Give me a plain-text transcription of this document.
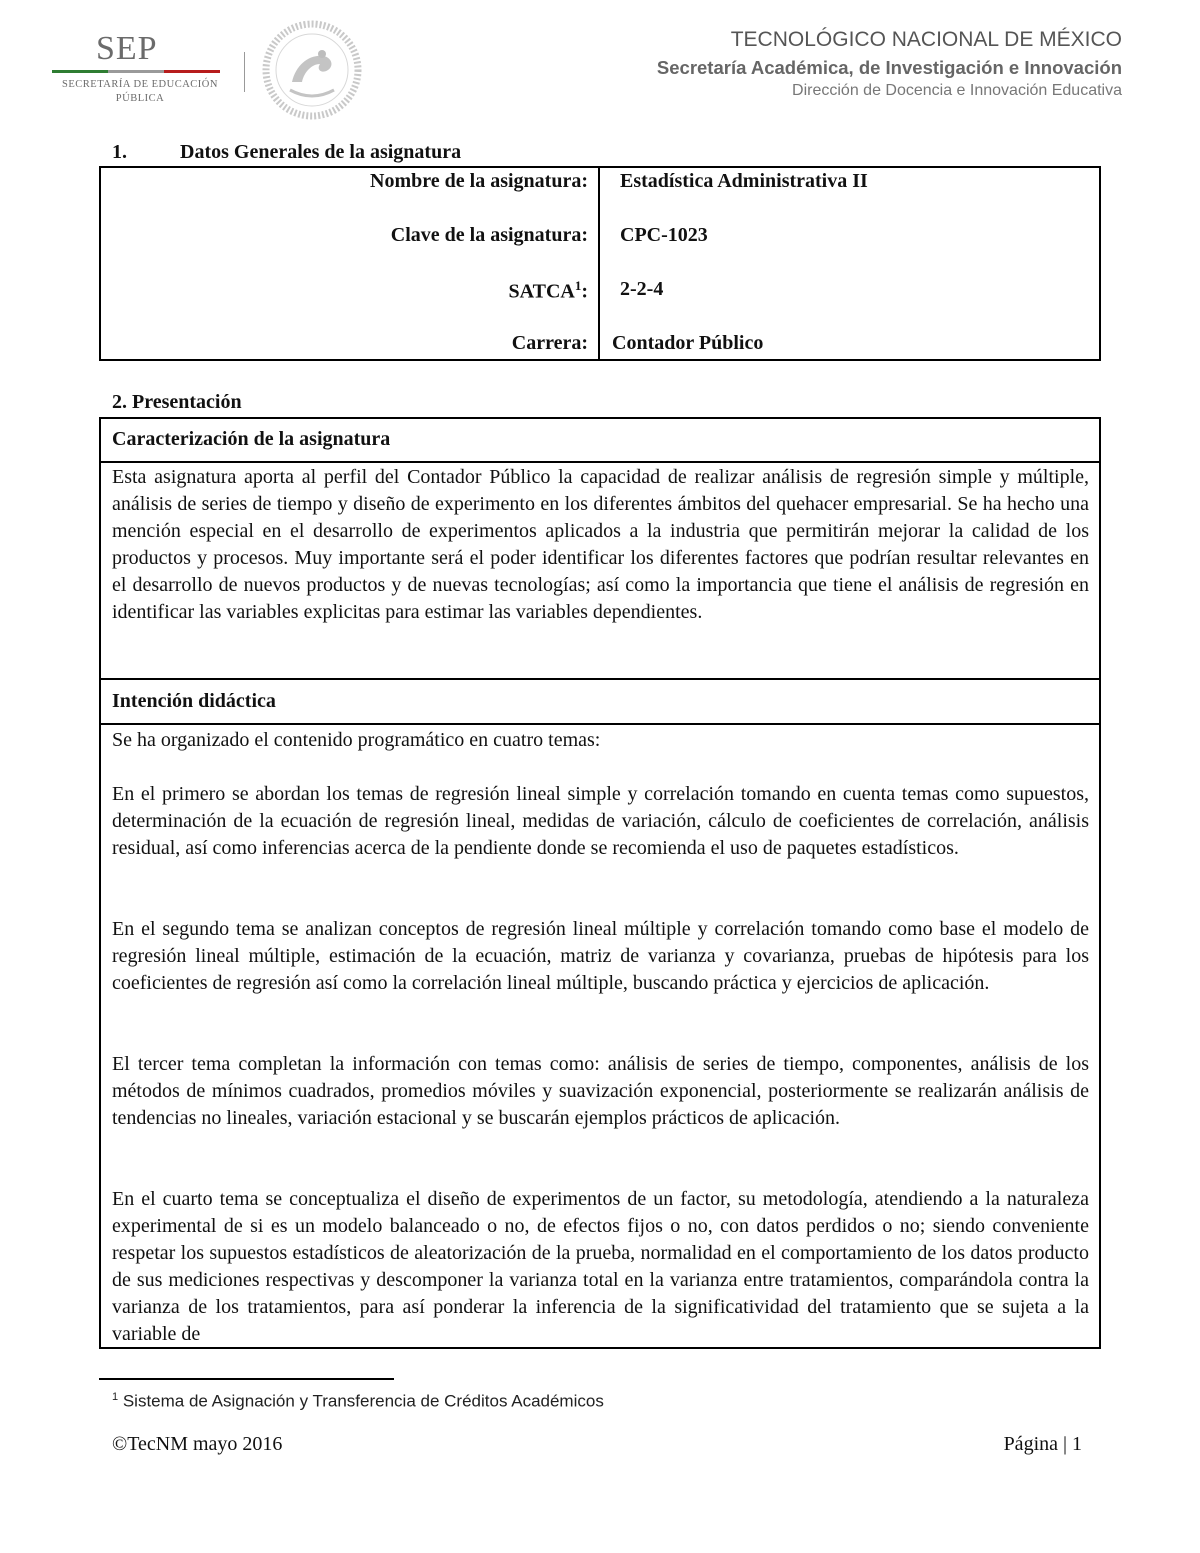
SEP
SECRETARÍA DE EDUCACIÓN PÚBLICA
TECNOLÓGICO NACIONAL DE MÉXICO
Secretaría Académica, de Investigación e Innovación
Dirección de Docencia e Innovación Educativa
1.	Datos Generales de la asignatura
Nombre de la asignatura: Estadística Administrativa II
Clave de la asignatura: CPC-1023
SATCA$^1$: 2-2-4
Carrera: Contador Público
2. Presentación
Caracterización de la asignatura
Esta asignatura aporta al perfil del Contador Público la capacidad de realizar análisis de regresión simple y múltiple, análisis de series de tiempo y diseño de experimento en los diferentes ámbitos del quehacer empresarial. Se ha hecho una mención especial en el desarrollo de experimentos aplicados a la industria que permitirán mejorar la calidad de los productos y procesos. Muy importante será el poder identificar los diferentes factores que podrían resultar relevantes en el desarrollo de nuevos productos y de nuevas tecnologías; así como la importancia que tiene el análisis de regresión en identificar las variables explicitas para estimar las variables dependientes.
Intención didáctica
Se ha organizado el contenido programático en cuatro temas:
En el primero se abordan los temas de regresión lineal simple y correlación tomando en cuenta temas como supuestos, determinación de la ecuación de regresión lineal, medidas de variación, cálculo de coeficientes de correlación, análisis residual, así como inferencias acerca de la pendiente donde se recomienda el uso de paquetes estadísticos.
En el segundo tema se analizan conceptos de regresión lineal múltiple y correlación tomando como base el modelo de regresión lineal múltiple, estimación de la ecuación, matriz de varianza y covarianza, pruebas de hipótesis para los coeficientes de regresión así como la correlación lineal múltiple, buscando práctica y ejercicios de aplicación.
El tercer tema completan la información con temas como: análisis de series de tiempo, componentes, análisis de los métodos de mínimos cuadrados, promedios móviles y suavización exponencial, posteriormente se realizarán análisis de tendencias no lineales, variación estacional y se buscarán ejemplos prácticos de aplicación.
En el cuarto tema se conceptualiza el diseño de experimentos de un factor, su metodología, atendiendo a la naturaleza experimental de si es un modelo balanceado o no, de efectos fijos o no, con datos perdidos o no; siendo conveniente respetar los supuestos estadísticos de aleatorización de la prueba, normalidad en el comportamiento de los datos producto de sus mediciones respectivas y descomponer la varianza total en la varianza entre tratamientos, comparándola contra la varianza de los tratamientos, para así ponderar la inferencia de la significatividad del tratamiento que se sujeta a la variable de
$^1$ Sistema de Asignación y Transferencia de Créditos Académicos
©TecNM mayo 2016	Página | 1
